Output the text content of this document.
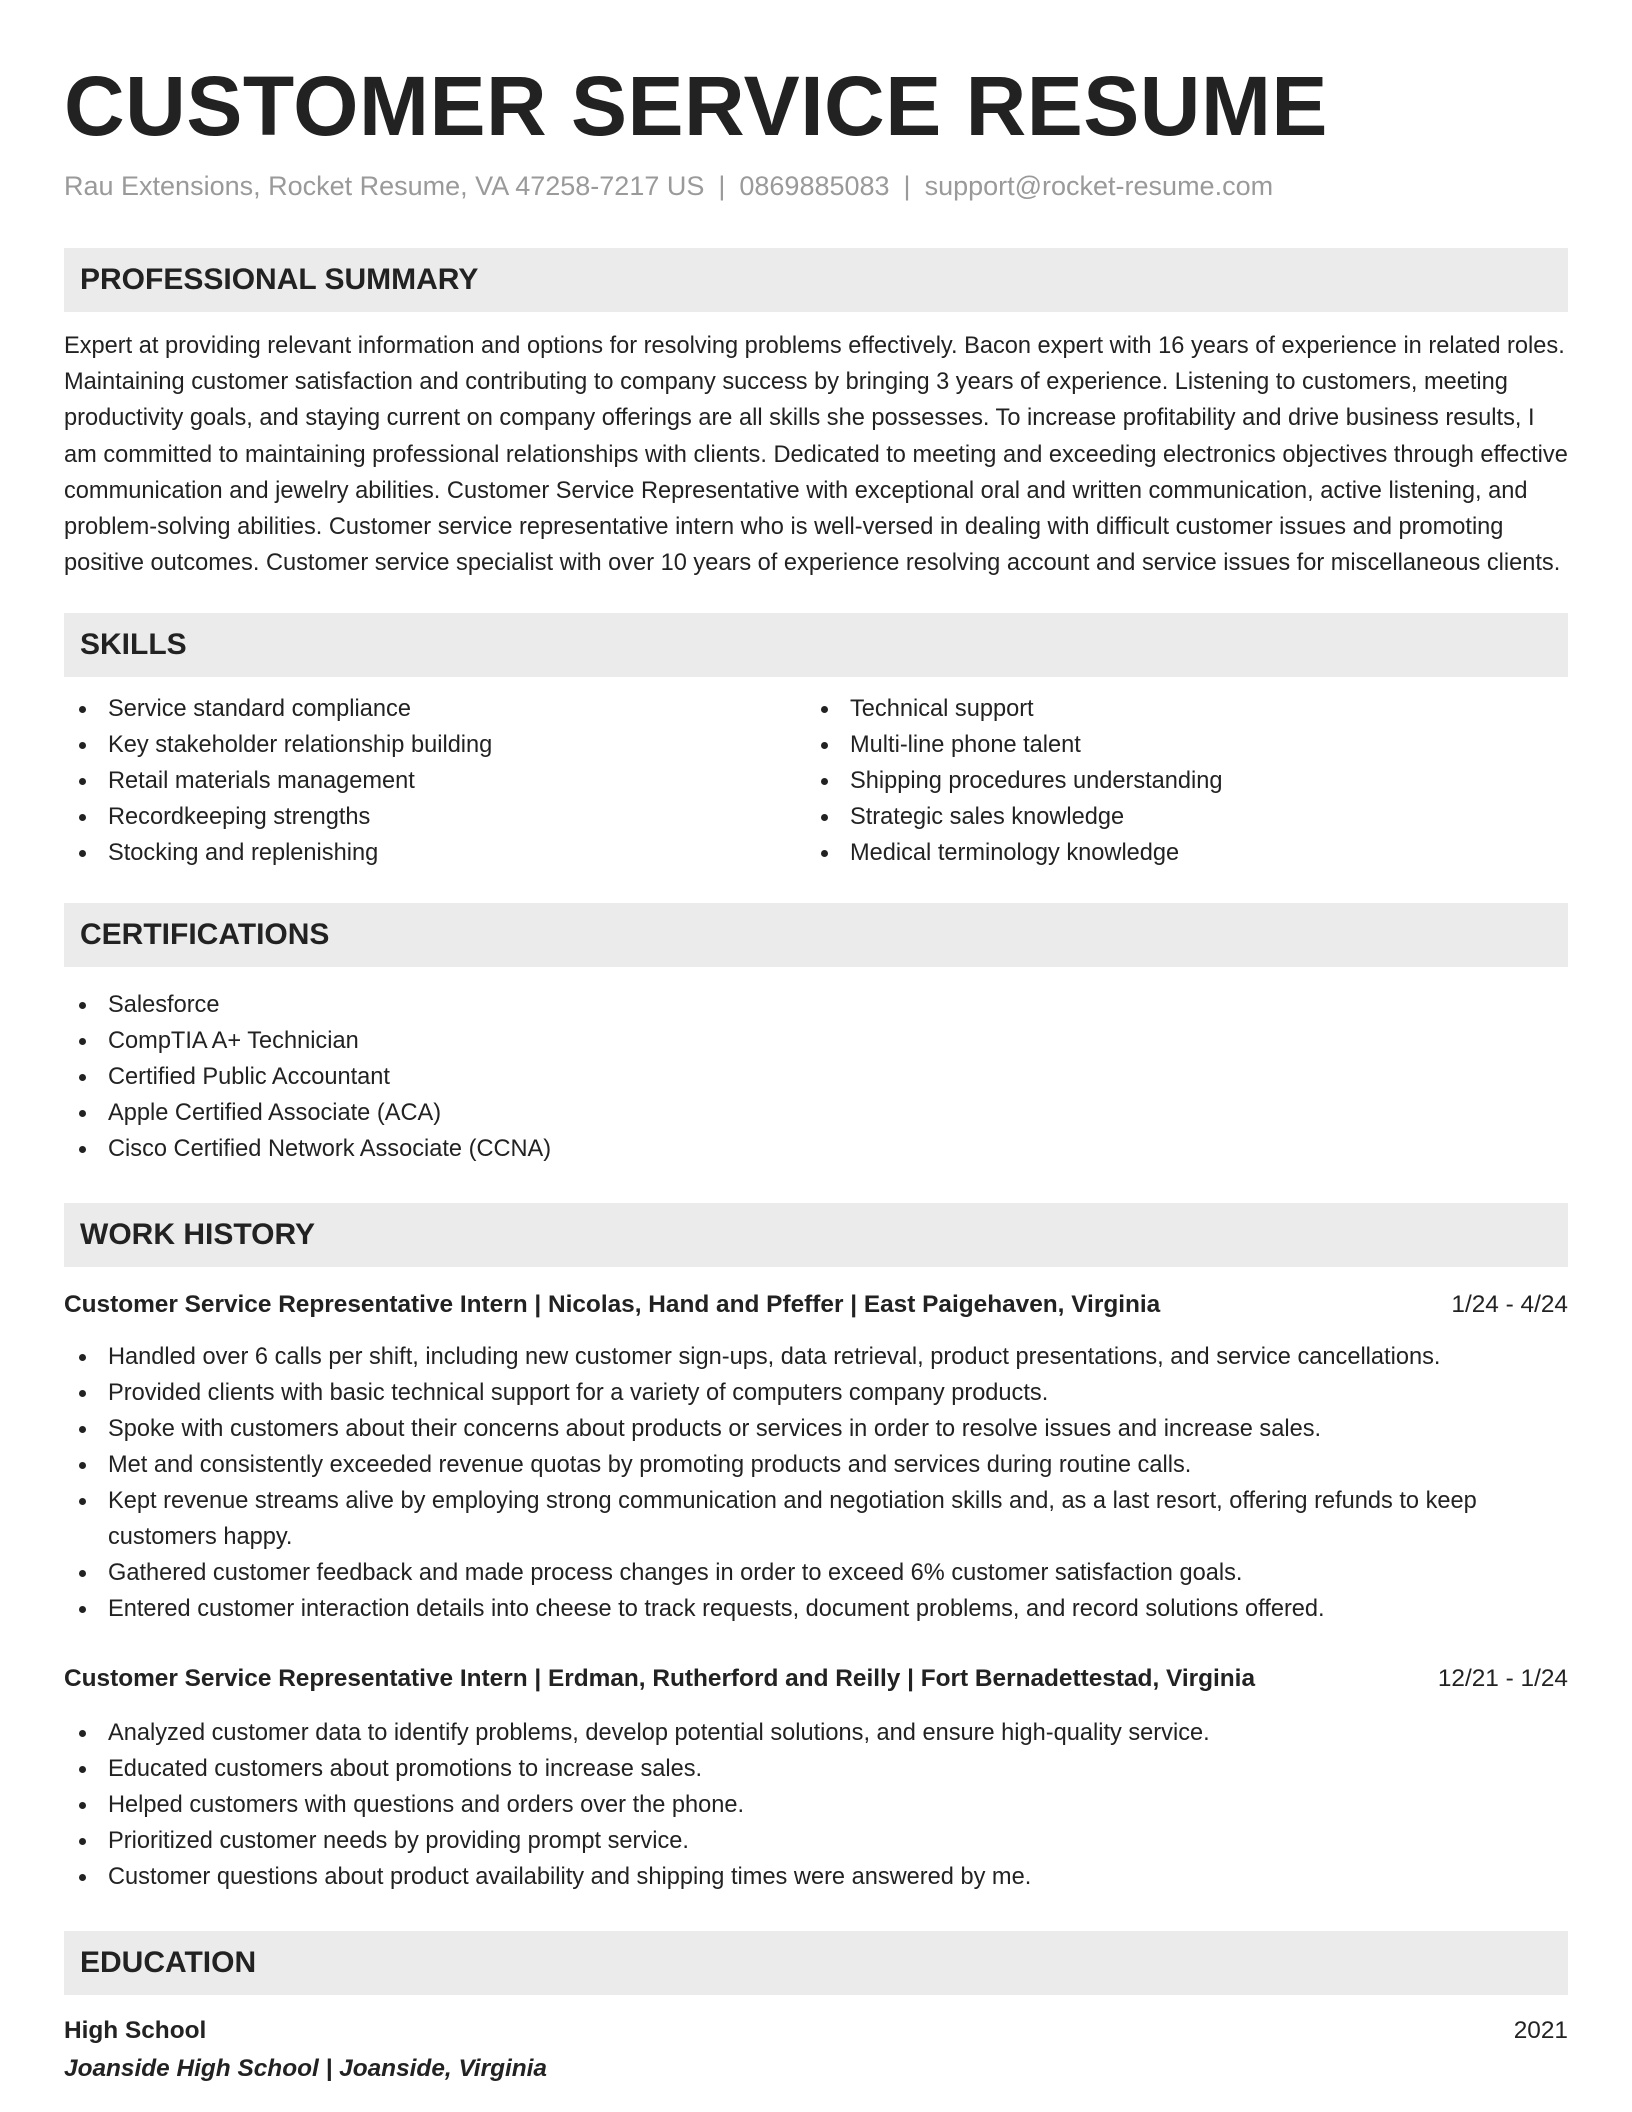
CUSTOMER SERVICE RESUME
Rau Extensions, Rocket Resume, VA 47258-7217 US | 0869885083 | support@rocket-resume.com
PROFESSIONAL SUMMARY
Expert at providing relevant information and options for resolving problems effectively. Bacon expert with 16 years of experience in related roles. Maintaining customer satisfaction and contributing to company success by bringing 3 years of experience. Listening to customers, meeting productivity goals, and staying current on company offerings are all skills she possesses. To increase profitability and drive business results, I am committed to maintaining professional relationships with clients. Dedicated to meeting and exceeding electronics objectives through effective communication and jewelry abilities. Customer Service Representative with exceptional oral and written communication, active listening, and problem-solving abilities. Customer service representative intern who is well-versed in dealing with difficult customer issues and promoting positive outcomes. Customer service specialist with over 10 years of experience resolving account and service issues for miscellaneous clients.
SKILLS
Service standard compliance
Key stakeholder relationship building
Retail materials management
Recordkeeping strengths
Stocking and replenishing
Technical support
Multi-line phone talent
Shipping procedures understanding
Strategic sales knowledge
Medical terminology knowledge
CERTIFICATIONS
Salesforce
CompTIA A+ Technician
Certified Public Accountant
Apple Certified Associate (ACA)
Cisco Certified Network Associate (CCNA)
WORK HISTORY
Customer Service Representative Intern | Nicolas, Hand and Pfeffer | East Paigehaven, Virginia	1/24 - 4/24
Handled over 6 calls per shift, including new customer sign-ups, data retrieval, product presentations, and service cancellations.
Provided clients with basic technical support for a variety of computers company products.
Spoke with customers about their concerns about products or services in order to resolve issues and increase sales.
Met and consistently exceeded revenue quotas by promoting products and services during routine calls.
Kept revenue streams alive by employing strong communication and negotiation skills and, as a last resort, offering refunds to keep customers happy.
Gathered customer feedback and made process changes in order to exceed 6% customer satisfaction goals.
Entered customer interaction details into cheese to track requests, document problems, and record solutions offered.
Customer Service Representative Intern | Erdman, Rutherford and Reilly | Fort Bernadettestad, Virginia	12/21 - 1/24
Analyzed customer data to identify problems, develop potential solutions, and ensure high-quality service.
Educated customers about promotions to increase sales.
Helped customers with questions and orders over the phone.
Prioritized customer needs by providing prompt service.
Customer questions about product availability and shipping times were answered by me.
EDUCATION
High School	2021
Joanside High School | Joanside, Virginia
